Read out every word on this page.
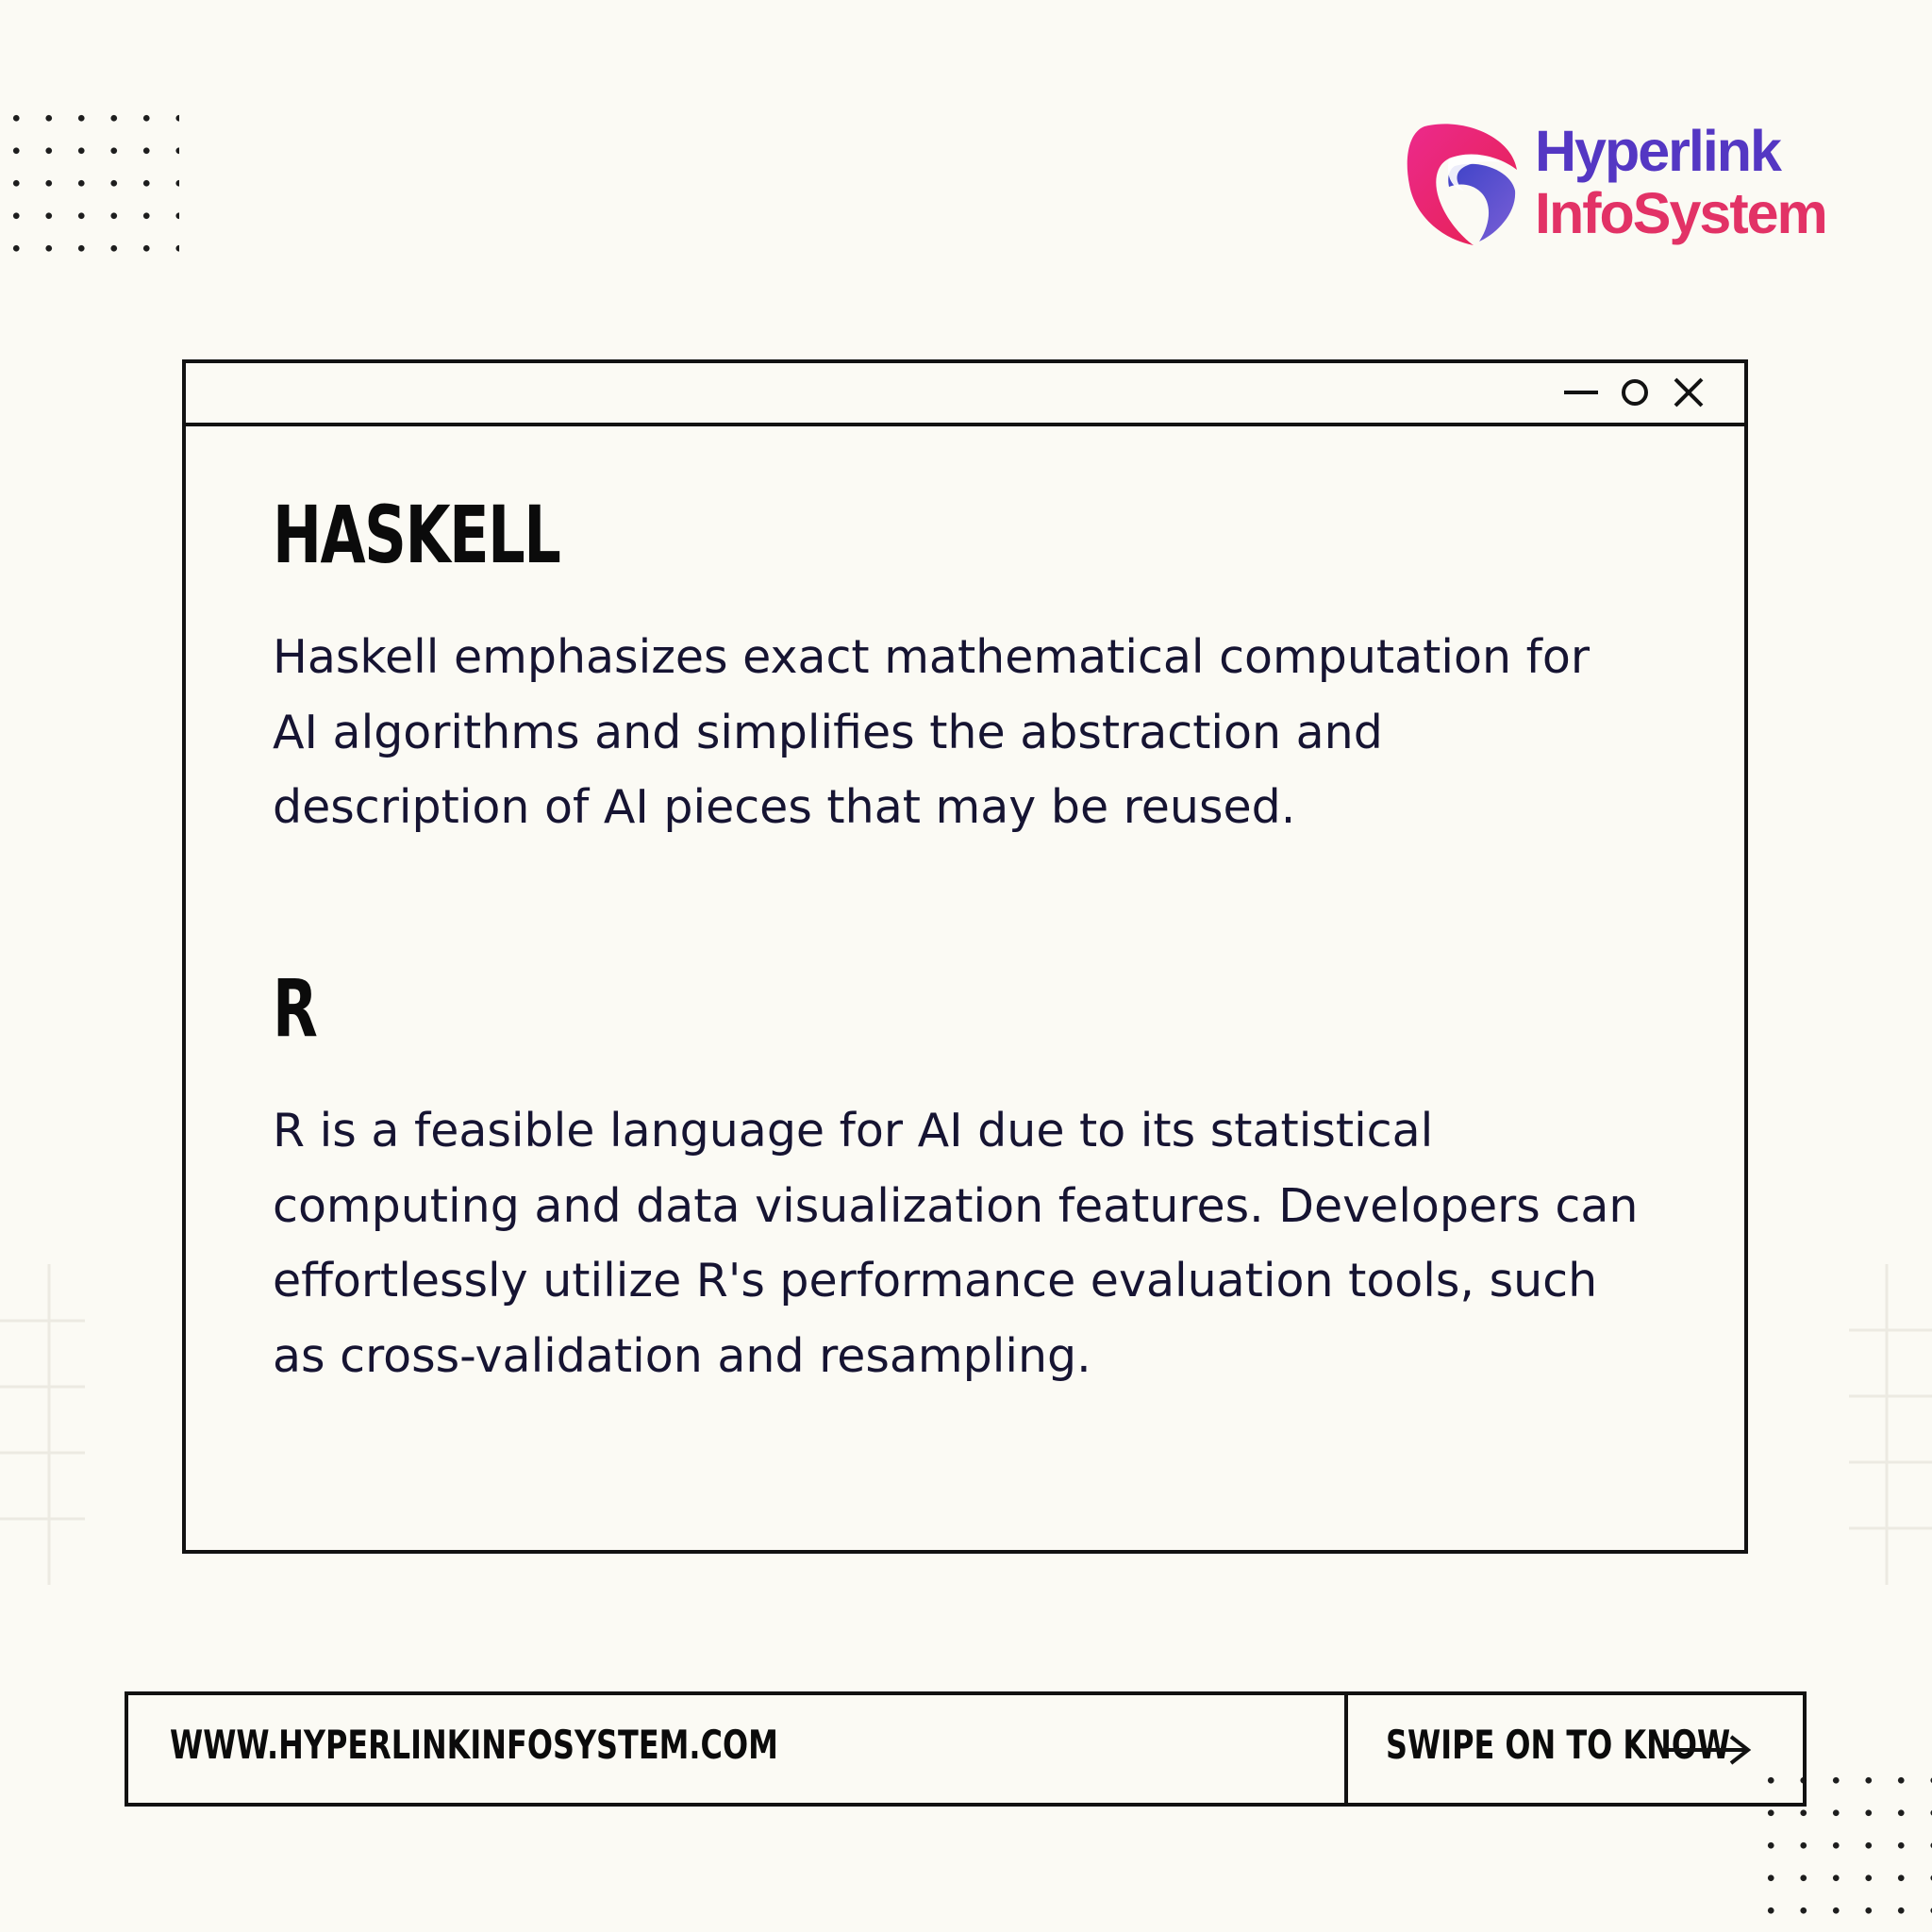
Hyperlink
InfoSystem
HASKELL

Haskell emphasizes exact mathematical computation for
AI algorithms and simplifies the abstraction and
description of AI pieces that may be reused.

R

R is a feasible language for AI due to its statistical
computing and data visualization features. Developers can
effortlessly utilize R's performance evaluation tools, such
as cross-validation and resampling.

WWW.HYPERLINKINFOSYSTEM.COM	SWIPE ON TO KNOW
